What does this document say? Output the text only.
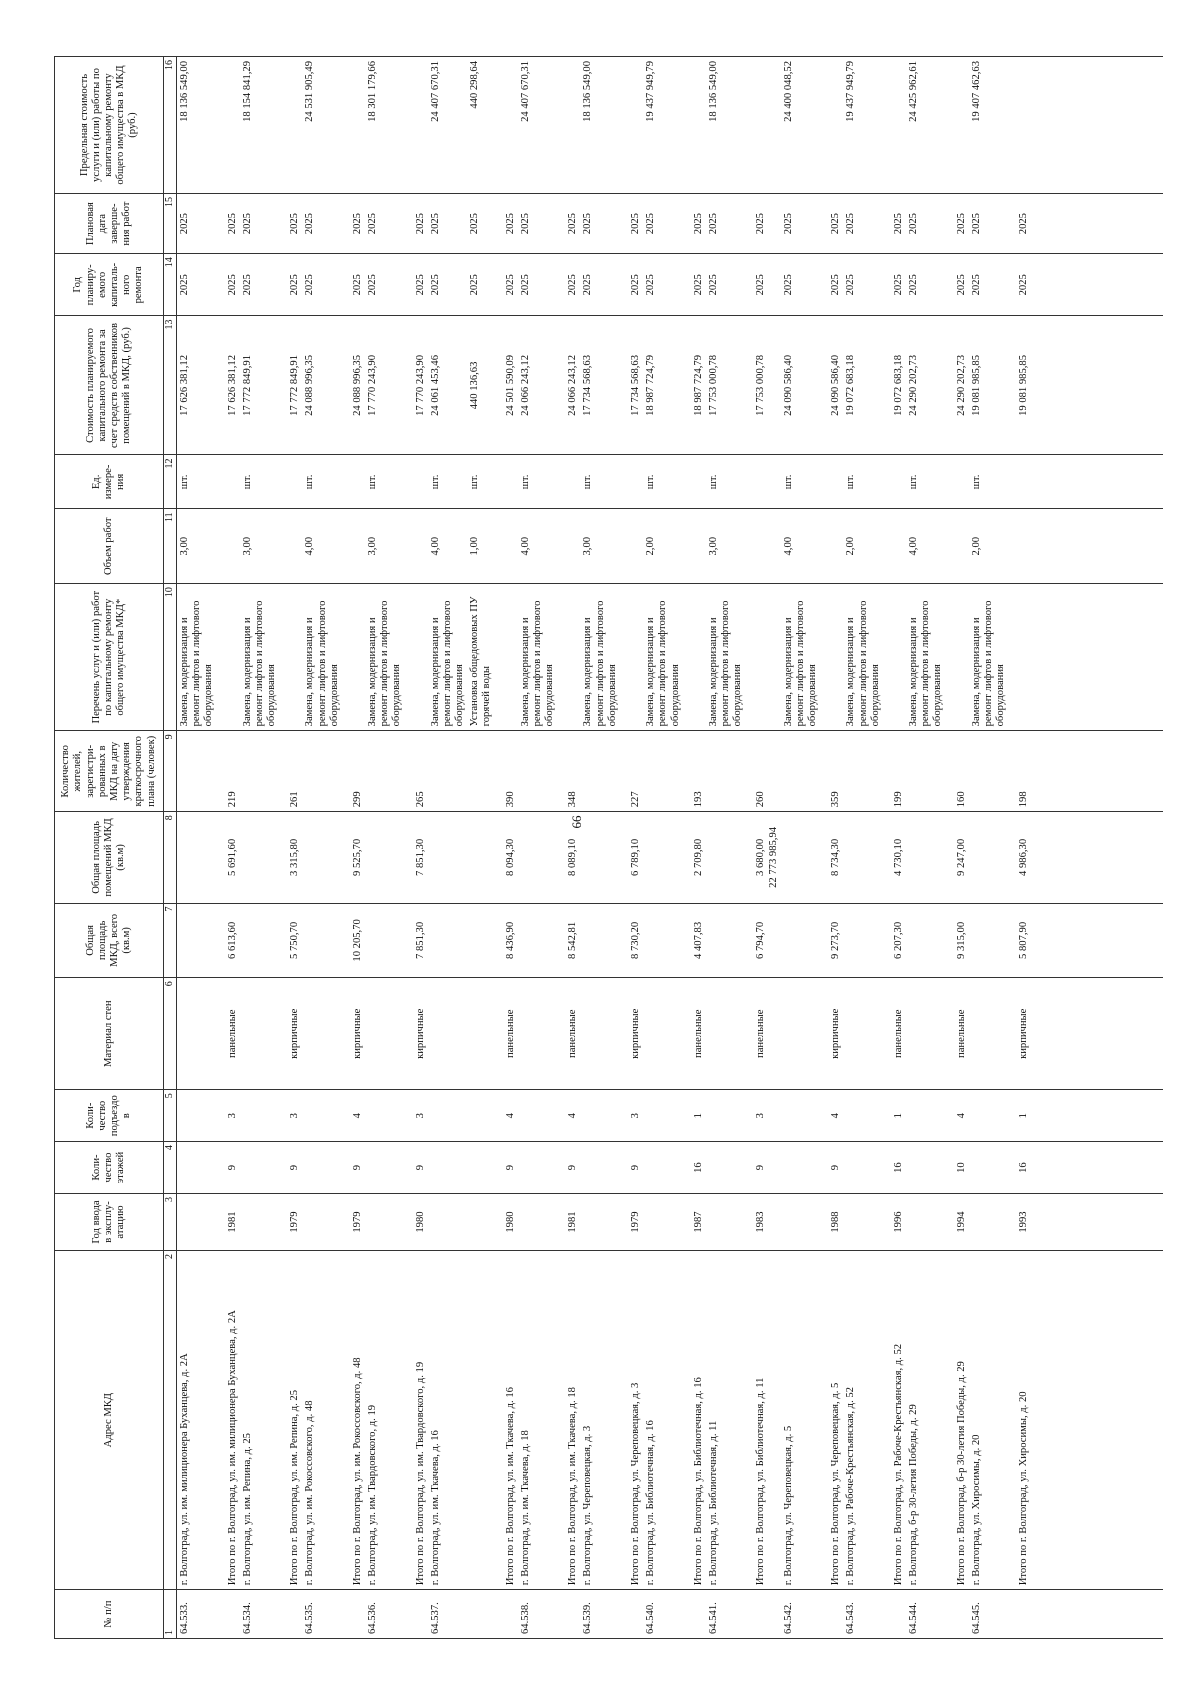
66
№ п/п	Адрес МКД	Год ввода в эксплу-атацию	Коли-чество этажей	Коли-чество подъездо в	Материал стен	Общая площадь МКД, всего (кв.м)	Общая площадь помещений МКД (кв.м)	Количество жителей, зарегистри-рованных в МКД на дату утверждения краткосрочного плана (человек)	Перечень услуг и (или) работ по капитальному ремонту общего имущества МКД*	Объем работ	Ед. измере-ния	Стоимость планируемого капитального ремонта за счет средств собственников помещений в МКД, (руб.)	Год планиру-емого капиталь-ного ремонта	Плановая дата заверше-ния работ	Предельная стоимость услуги и (или) работы по капитальному ремонту общего имущества в МКД (руб.)
1	2	3	4	5	6	7	8	9	10	11	12	13	14	15	16
64.533.	г. Волгоград, ул. им. милиционера Буханцева, д. 2А								Замена, модернизация и ремонт лифтов и лифтового оборудования	3,00	шт.	17 626 381,12	2025	2025	18 136 549,00
	Итого по г. Волгоград, ул. им. милиционера Буханцева, д. 2А	1981	9	3	панельные	6 613,60	5 691,60	219				17 626 381,12	2025	2025	
64.534.	г. Волгоград, ул. им. Репина, д. 25								Замена, модернизация и ремонт лифтов и лифтового оборудования	3,00	шт.	17 772 849,91	2025	2025	18 154 841,29
	Итого по г. Волгоград, ул. им. Репина, д. 25	1979	9	3	кирпичные	5 750,70	3 315,80	261				17 772 849,91	2025	2025	
64.535.	г. Волгоград, ул. им. Рокоссовского, д. 48								Замена, модернизация и ремонт лифтов и лифтового оборудования	4,00	шт.	24 088 996,35	2025	2025	24 531 905,49
	Итого по г. Волгоград, ул. им. Рокоссовского, д. 48	1979	9	4	кирпичные	10 205,70	9 525,70	299				24 088 996,35	2025	2025	
64.536.	г. Волгоград, ул. им. Твардовского, д. 19								Замена, модернизация и ремонт лифтов и лифтового оборудования	3,00	шт.	17 770 243,90	2025	2025	18 301 179,66
	Итого по г. Волгоград, ул. им. Твардовского, д. 19	1980	9	3	кирпичные	7 851,30	7 851,30	265				17 770 243,90	2025	2025	
64.537.	г. Волгоград, ул. им. Ткачева, д. 16								Замена, модернизация и ремонт лифтов и лифтового оборудования	4,00	шт.	24 061 453,46	2025	2025	24 407 670,31
									Установка общедомовых ПУ горячей воды	1,00	шт.	440 136,63	2025	2025	440 298,64
	Итого по г. Волгоград, ул. им. Ткачева, д. 16	1980	9	4	панельные	8 436,90	8 094,30	390				24 501 590,09	2025	2025	
64.538.	г. Волгоград, ул. им. Ткачева, д. 18								Замена, модернизация и ремонт лифтов и лифтового оборудования	4,00	шт.	24 066 243,12	2025	2025	24 407 670,31
	Итого по г. Волгоград, ул. им. Ткачева, д. 18	1981	9	4	панельные	8 542,81	8 089,10	348				24 066 243,12	2025	2025	
64.539.	г. Волгоград, ул. Череповецкая, д. 3								Замена, модернизация и ремонт лифтов и лифтового оборудования	3,00	шт.	17 734 568,63	2025	2025	18 136 549,00
	Итого по г. Волгоград, ул. Череповецкая, д. 3	1979	9	3	кирпичные	8 730,20	6 789,10	227				17 734 568,63	2025	2025	
64.540.	г. Волгоград, ул. Библиотечная, д. 16								Замена, модернизация и ремонт лифтов и лифтового оборудования	2,00	шт.	18 987 724,79	2025	2025	19 437 949,79
	Итого по г. Волгоград, ул. Библиотечная, д. 16	1987	16	1	панельные	4 407,83	2 709,80	193				18 987 724,79	2025	2025	
64.541.	г. Волгоград, ул. Библиотечная, д. 11								Замена, модернизация и ремонт лифтов и лифтового оборудования	3,00	шт.	17 753 000,78	2025	2025	18 136 549,00
	Итого по г. Волгоград, ул. Библиотечная, д. 11	1983	9	3	панельные	6 794,70	3 680,00 22 773 985,94	260				17 753 000,78	2025	2025	
64.542.	г. Волгоград, ул. Череповецкая, д. 5								Замена, модернизация и ремонт лифтов и лифтового оборудования	4,00	шт.	24 090 586,40	2025	2025	24 400 048,52
	Итого по г. Волгоград, ул. Череповецкая, д. 5	1988	9	4	кирпичные	9 273,70	8 734,30	359				24 090 586,40	2025	2025	
64.543.	г. Волгоград, ул. Рабоче-Крестьянская, д. 52								Замена, модернизация и ремонт лифтов и лифтового оборудования	2,00	шт.	19 072 683,18	2025	2025	19 437 949,79
	Итого по г. Волгоград, ул. Рабоче-Крестьянская, д. 52	1996	16	1	панельные	6 207,30	4 730,10	199				19 072 683,18	2025	2025	
64.544.	г. Волгоград, б-р 30-летия Победы, д. 29								Замена, модернизация и ремонт лифтов и лифтового оборудования	4,00	шт.	24 290 202,73	2025	2025	24 425 962,61
	Итого по г. Волгоград, б-р 30-летия Победы, д. 29	1994	10	4	панельные	9 315,00	9 247,00	160				24 290 202,73	2025	2025	
64.545.	г. Волгоград, ул. Хиросимы, д. 20								Замена, модернизация и ремонт лифтов и лифтового оборудования	2,00	шт.	19 081 985,85	2025	2025	19 407 462,63
	Итого по г. Волгоград, ул. Хиросимы, д. 20	1993	16	1	кирпичные	5 807,90	4 986,30	198				19 081 985,85	2025	2025	
